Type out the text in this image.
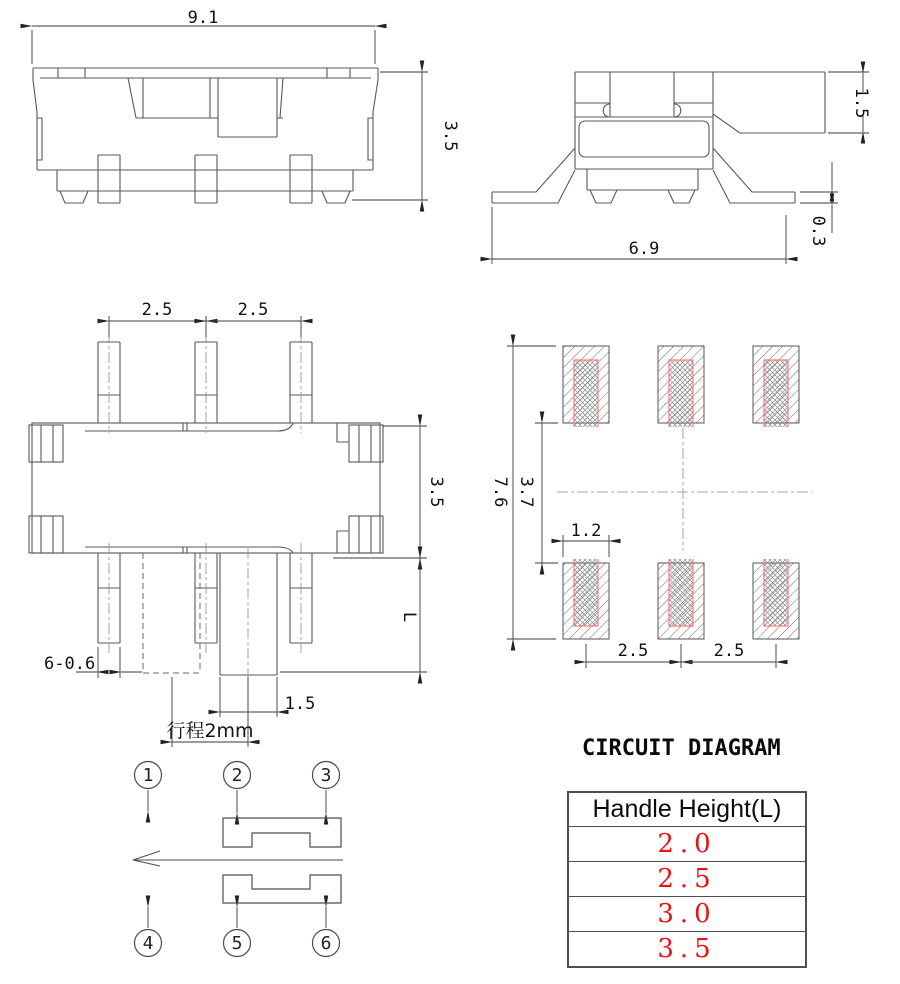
9.1
3.5
1.5
0.3
6.9
2.5	2.5
3.5
L
6-0.6
1.5
行程2mm
7.6 3.7
1.2
2.5	2.5
1	2	3
4	5	6
CIRCUIT DIAGRAM
Handle Height(L)
2.0
2.5
3.0
3.5
